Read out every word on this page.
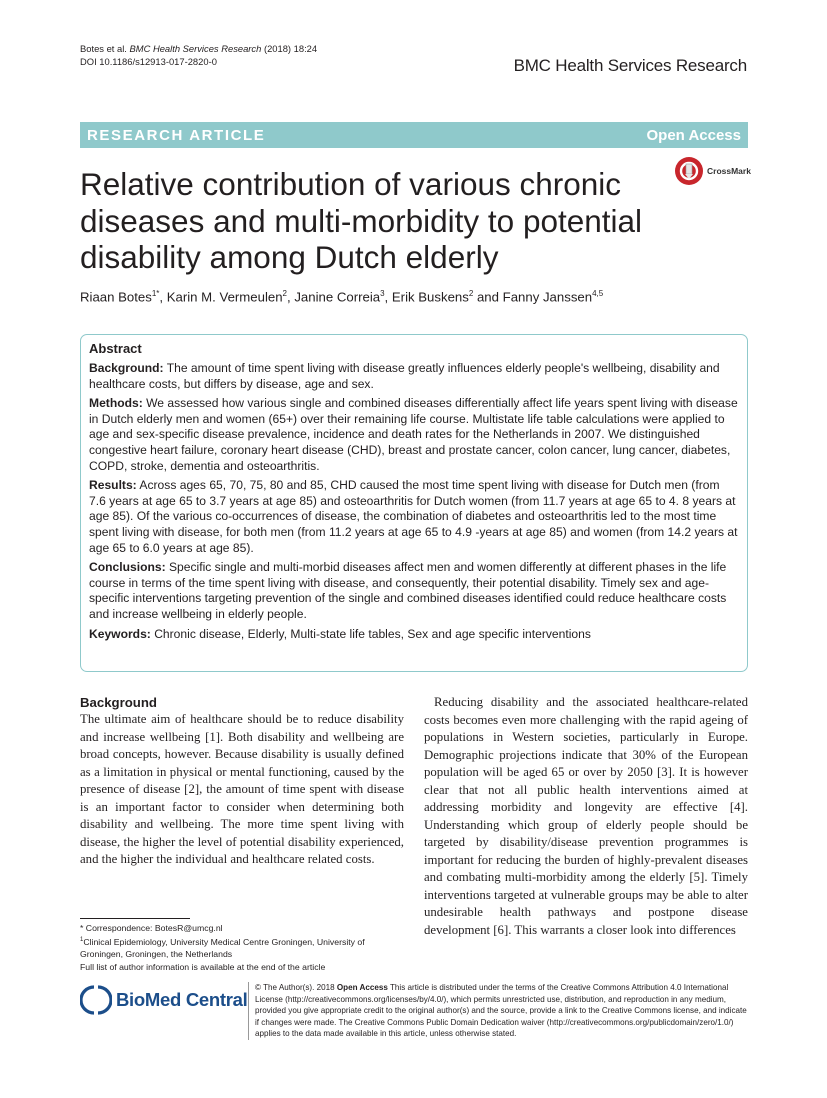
Botes et al. BMC Health Services Research (2018) 18:24
DOI 10.1186/s12913-017-2820-0	BMC Health Services Research
RESEARCH ARTICLE	Open Access
Relative contribution of various chronic diseases and multi-morbidity to potential disability among Dutch elderly
CrossMark
Riaan Botes$^{1*}$, Karin M. Vermeulen$^2$, Janine Correia$^3$, Erik Buskens$^2$ and Fanny Janssen$^{4,5}$
Abstract

Background: The amount of time spent living with disease greatly influences elderly people's wellbeing, disability and healthcare costs, but differs by disease, age and sex.

Methods: We assessed how various single and combined diseases differentially affect life years spent living with disease in Dutch elderly men and women (65+) over their remaining life course. Multistate life table calculations were applied to age and sex-specific disease prevalence, incidence and death rates for the Netherlands in 2007. We distinguished congestive heart failure, coronary heart disease (CHD), breast and prostate cancer, colon cancer, lung cancer, diabetes, COPD, stroke, dementia and osteoarthritis.

Results: Across ages 65, 70, 75, 80 and 85, CHD caused the most time spent living with disease for Dutch men (from 7.6 years at age 65 to 3.7 years at age 85) and osteoarthritis for Dutch women (from 11.7 years at age 65 to 4. 8 years at age 85). Of the various co-occurrences of disease, the combination of diabetes and osteoarthritis led to the most time spent living with disease, for both men (from 11.2 years at age 65 to 4.9 -years at age 85) and women (from 14.2 years at age 65 to 6.0 years at age 85).

Conclusions: Specific single and multi-morbid diseases affect men and women differently at different phases in the life course in terms of the time spent living with disease, and consequently, their potential disability. Timely sex and age-specific interventions targeting prevention of the single and combined diseases identified could reduce healthcare costs and increase wellbeing in elderly people.

Keywords: Chronic disease, Elderly, Multi-state life tables, Sex and age specific interventions

Background

The ultimate aim of healthcare should be to reduce disability and increase wellbeing [1]. Both disability and wellbeing are broad concepts, however. Because disability is usually defined as a limitation in physical or mental functioning, caused by the presence of disease [2], the amount of time spent with disease is an important factor to consider when determining both disability and wellbeing. The more time spent living with disease, the higher the level of potential disability experienced, and the higher the individual and healthcare related costs.

Reducing disability and the associated healthcare-related costs becomes even more challenging with the rapid ageing of populations in Western societies, particularly in Europe. Demographic projections indicate that 30% of the European population will be aged 65 or over by 2050 [3]. It is however clear that not all public health interventions aimed at addressing morbidity and longevity are effective [4]. Understanding which group of elderly people should be targeted by disability/disease prevention programmes is important for reducing the burden of highly-prevalent diseases and combating multi-morbidity among the elderly [5]. Timely interventions targeted at vulnerable groups may be able to alter undesirable health pathways and postpone disease development [6]. This warrants a closer look into differences

* Correspondence: BotesR@umcg.nl
$^1$Clinical Epidemiology, University Medical Centre Groningen, University of Groningen, Groningen, the Netherlands
Full list of author information is available at the end of the article
BioMed Central
© The Author(s). 2018 Open Access This article is distributed under the terms of the Creative Commons Attribution 4.0 International License (http://creativecommons.org/licenses/by/4.0/), which permits unrestricted use, distribution, and reproduction in any medium, provided you give appropriate credit to the original author(s) and the source, provide a link to the Creative Commons license, and indicate if changes were made. The Creative Commons Public Domain Dedication waiver (http://creativecommons.org/publicdomain/zero/1.0/) applies to the data made available in this article, unless otherwise stated.
